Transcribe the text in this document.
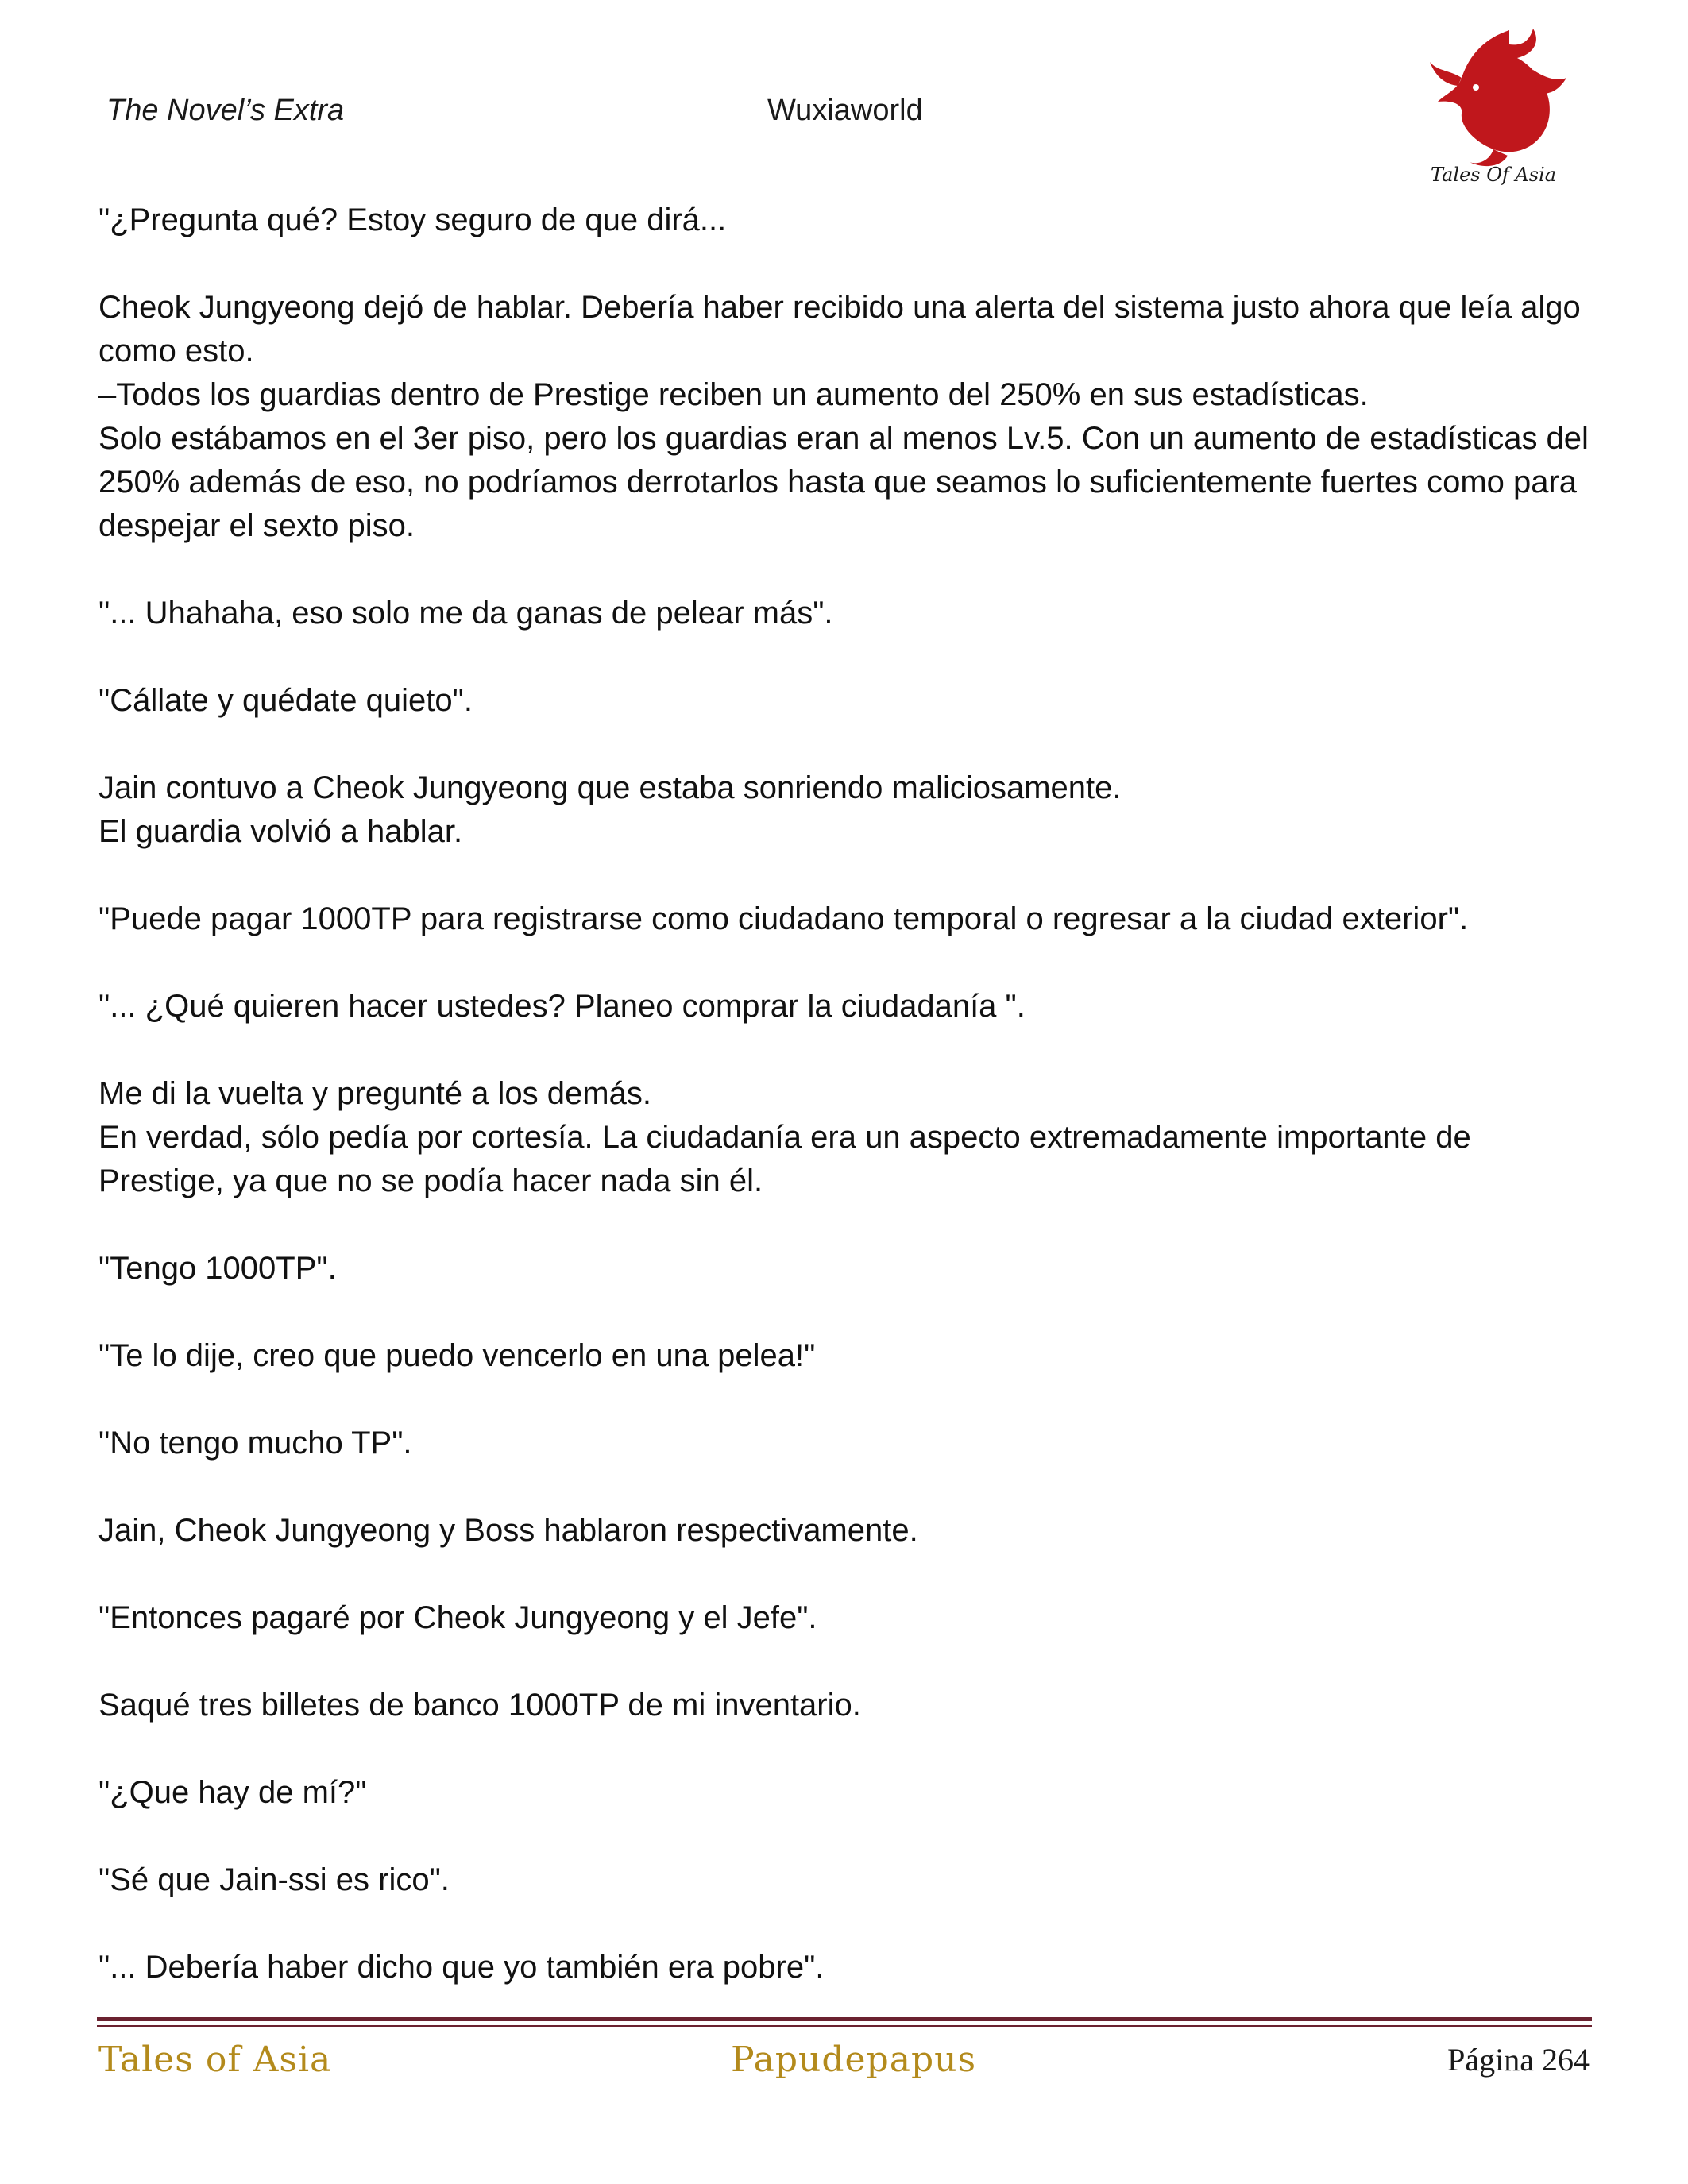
The Novel’s Extra	Wuxiaworld
Tales Of Asia

"¿Pregunta qué? Estoy seguro de que dirá...

Cheok Jungyeong dejó de hablar. Debería haber recibido una alerta del sistema justo ahora que leía algo como esto.

–Todos los guardias dentro de Prestige reciben un aumento del 250% en sus estadísticas.

Solo estábamos en el 3er piso, pero los guardias eran al menos Lv.5. Con un aumento de estadísticas del 250% además de eso, no podríamos derrotarlos hasta que seamos lo suficientemente fuertes como para despejar el sexto piso.

"... Uhahaha, eso solo me da ganas de pelear más".

"Cállate y quédate quieto".

Jain contuvo a Cheok Jungyeong que estaba sonriendo maliciosamente.

El guardia volvió a hablar.

"Puede pagar 1000TP para registrarse como ciudadano temporal o regresar a la ciudad exterior".

"... ¿Qué quieren hacer ustedes? Planeo comprar la ciudadanía ".

Me di la vuelta y pregunté a los demás.

En verdad, sólo pedía por cortesía. La ciudadanía era un aspecto extremadamente importante de Prestige, ya que no se podía hacer nada sin él.

"Tengo 1000TP".

"Te lo dije, creo que puedo vencerlo en una pelea!"

"No tengo mucho TP".

Jain, Cheok Jungyeong y Boss hablaron respectivamente.

"Entonces pagaré por Cheok Jungyeong y el Jefe".

Saqué tres billetes de banco 1000TP de mi inventario.

"¿Que hay de mí?"

"Sé que Jain-ssi es rico".

"... Debería haber dicho que yo también era pobre".

Tales of Asia	Papudepapus	Página 264
